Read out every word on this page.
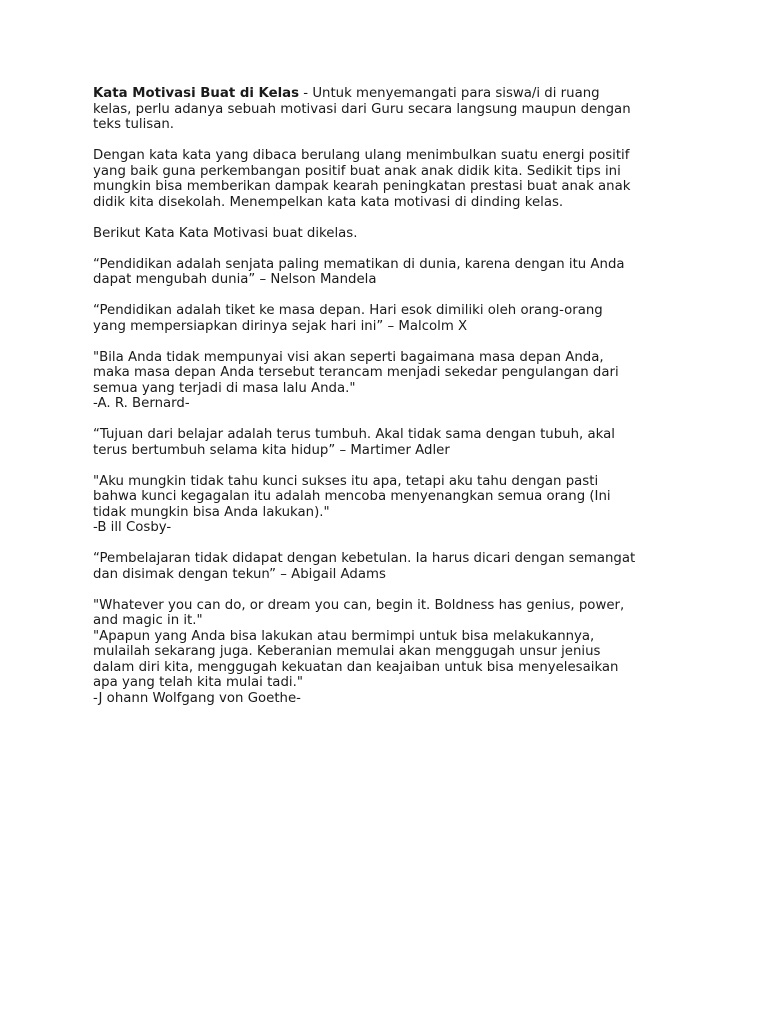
Kata Motivasi Buat di Kelas - Untuk menyemangati para siswa/i di ruang
kelas, perlu adanya sebuah motivasi dari Guru secara langsung maupun dengan
teks tulisan.
Dengan kata kata yang dibaca berulang ulang menimbulkan suatu energi positif
yang baik guna perkembangan positif buat anak anak didik kita. Sedikit tips ini
mungkin bisa memberikan dampak kearah peningkatan prestasi buat anak anak
didik kita disekolah. Menempelkan kata kata motivasi di dinding kelas.
Berikut Kata Kata Motivasi buat dikelas.
“Pendidikan adalah senjata paling mematikan di dunia, karena dengan itu Anda
dapat mengubah dunia” – Nelson Mandela
“Pendidikan adalah tiket ke masa depan. Hari esok dimiliki oleh orang-orang
yang mempersiapkan dirinya sejak hari ini” – Malcolm X
"Bila Anda tidak mempunyai visi akan seperti bagaimana masa depan Anda,
maka masa depan Anda tersebut terancam menjadi sekedar pengulangan dari
semua yang terjadi di masa lalu Anda."
-A. R. Bernard-
“Tujuan dari belajar adalah terus tumbuh. Akal tidak sama dengan tubuh, akal
terus bertumbuh selama kita hidup” – Martimer Adler
"Aku mungkin tidak tahu kunci sukses itu apa, tetapi aku tahu dengan pasti
bahwa kunci kegagalan itu adalah mencoba menyenangkan semua orang (Ini
tidak mungkin bisa Anda lakukan)."
-B ill Cosby-
“Pembelajaran tidak didapat dengan kebetulan. Ia harus dicari dengan semangat
dan disimak dengan tekun” – Abigail Adams
"Whatever you can do, or dream you can, begin it. Boldness has genius, power,
and magic in it."
"Apapun yang Anda bisa lakukan atau bermimpi untuk bisa melakukannya,
mulailah sekarang juga. Keberanian memulai akan menggugah unsur jenius
dalam diri kita, menggugah kekuatan dan keajaiban untuk bisa menyelesaikan
apa yang telah kita mulai tadi."
-J ohann Wolfgang von Goethe-
